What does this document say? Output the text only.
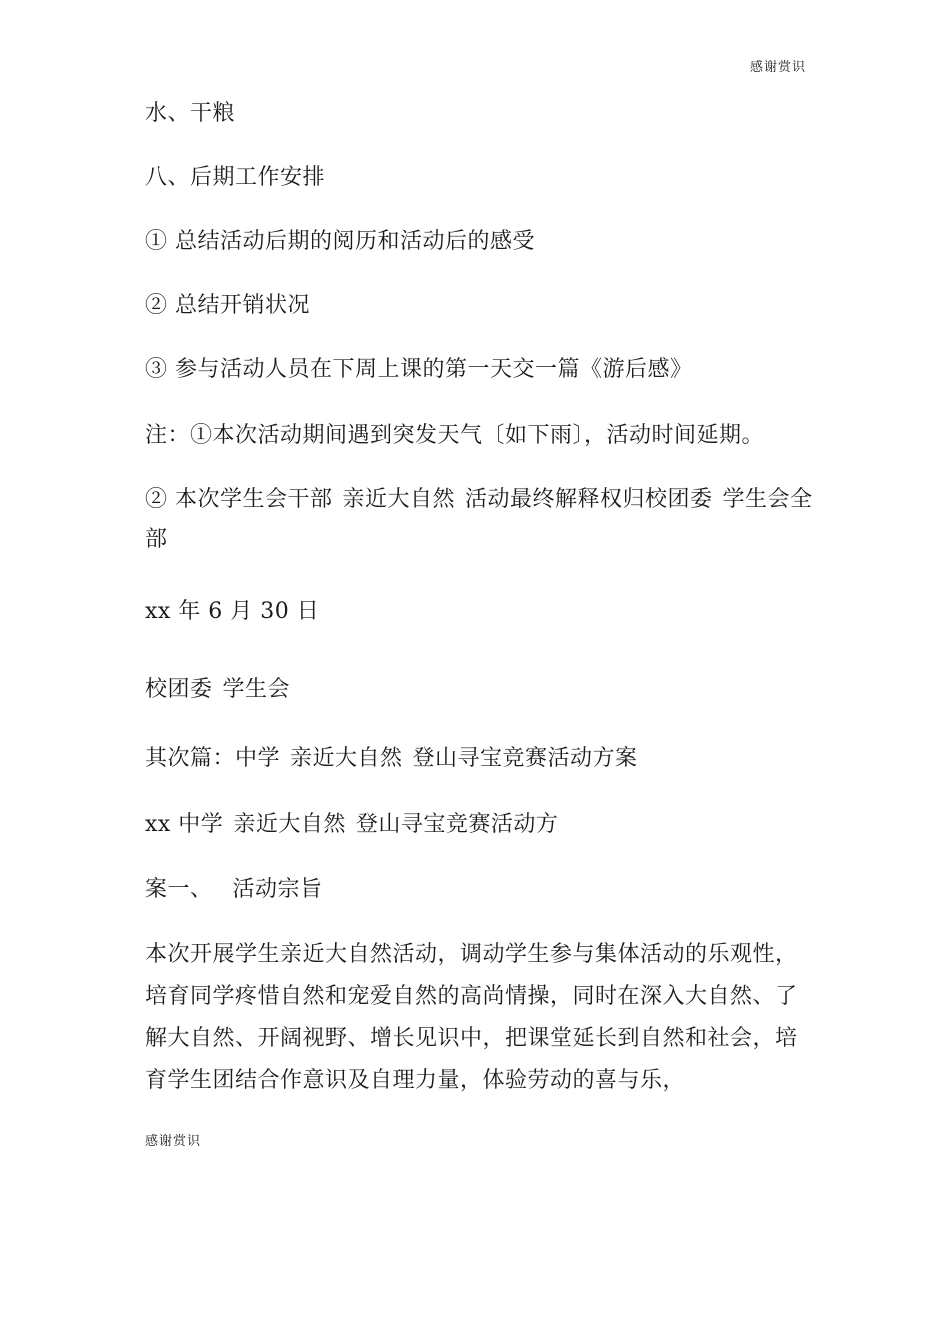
感谢赏识
水、干粮
八、后期工作安排
① 总结活动后期的阅历和活动后的感受
② 总结开销状况
③ 参与活动人员在下周上课的第一天交一篇《游后感》
注：①本次活动期间遇到突发天气〔如下雨〕，活动时间延期。
② 本次学生会干部 亲近大自然 活动最终解释权归校团委 学生会全部
xx 年 6 月 30 日
校团委 学生会
其次篇：中学 亲近大自然 登山寻宝竞赛活动方案
xx 中学 亲近大自然 登山寻宝竞赛活动方
案一、 活动宗旨
本次开展学生亲近大自然活动，调动学生参与集体活动的乐观性，培育同学疼惜自然和宠爱自然的高尚情操，同时在深入大自然、了解大自然、开阔视野、增长见识中，把课堂延长到自然和社会，培育学生团结合作意识及自理力量，体验劳动的喜与乐，
感谢赏识
